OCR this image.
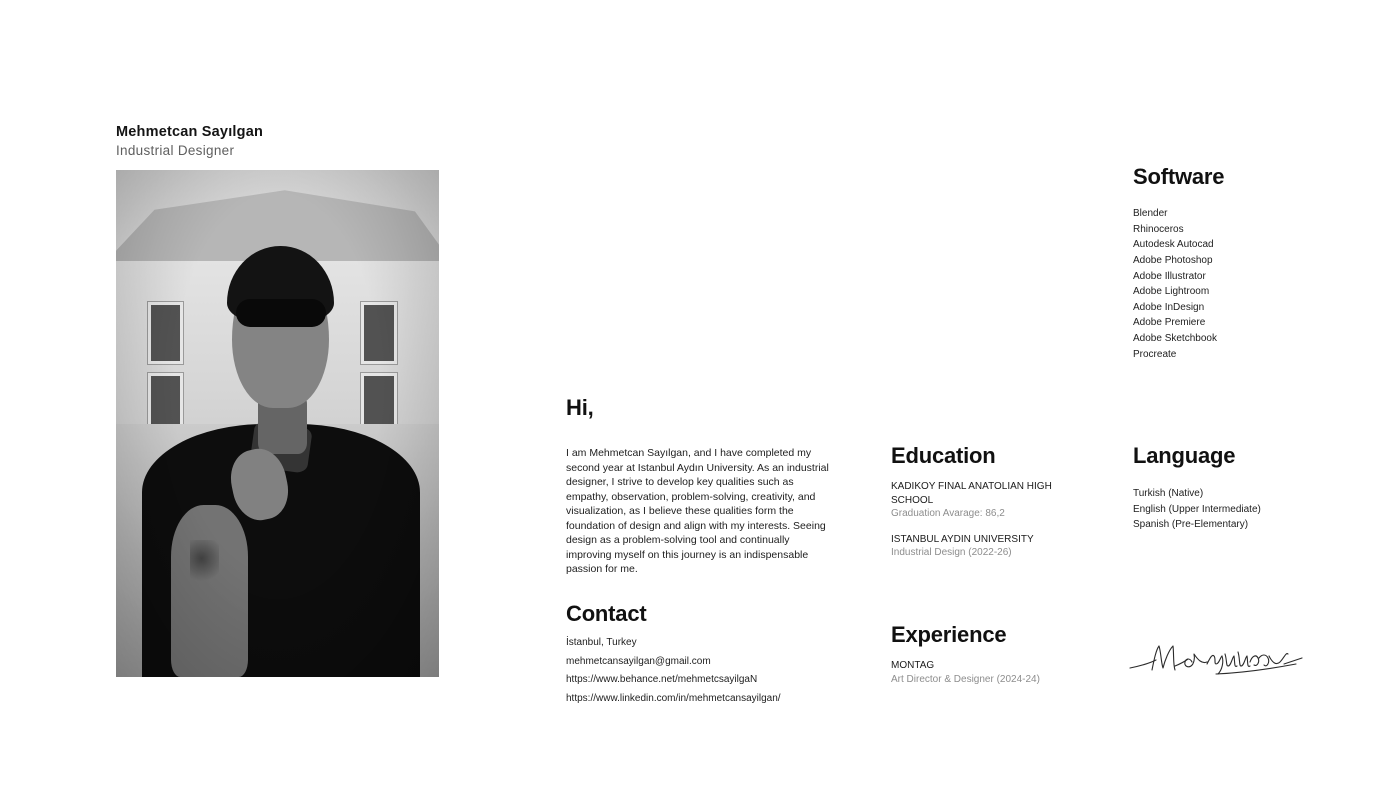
Mehmetcan Sayılgan
Industrial Designer
Hi,
I am Mehmetcan Sayılgan, and I have completed my second year at Istanbul Aydın University. As an industrial designer, I strive to develop key qualities such as empathy, observation, problem-solving, creativity, and visualization, as I believe these qualities form the foundation of design and align with my interests. Seeing design as a problem-solving tool and continually improving myself on this journey is an indispensable passion for me.
Contact
İstanbul, Turkey
mehmetcansayilgan@gmail.com
https://www.behance.net/mehmetcsayilgaN
https://www.linkedin.com/in/mehmetcansayilgan/
Education
KADIKOY FINAL ANATOLIAN HIGH SCHOOL
Graduation Avarage: 86,2
ISTANBUL AYDIN UNIVERSITY
Industrial Design (2022-26)
Experience
MONTAG
Art Director & Designer (2024-24)
Software
Blender
Rhinoceros
Autodesk Autocad
Adobe Photoshop
Adobe Illustrator
Adobe Lightroom
Adobe InDesign
Adobe Premiere
Adobe Sketchbook
Procreate
Language
Turkish (Native)
English (Upper Intermediate)
Spanish (Pre-Elementary)
